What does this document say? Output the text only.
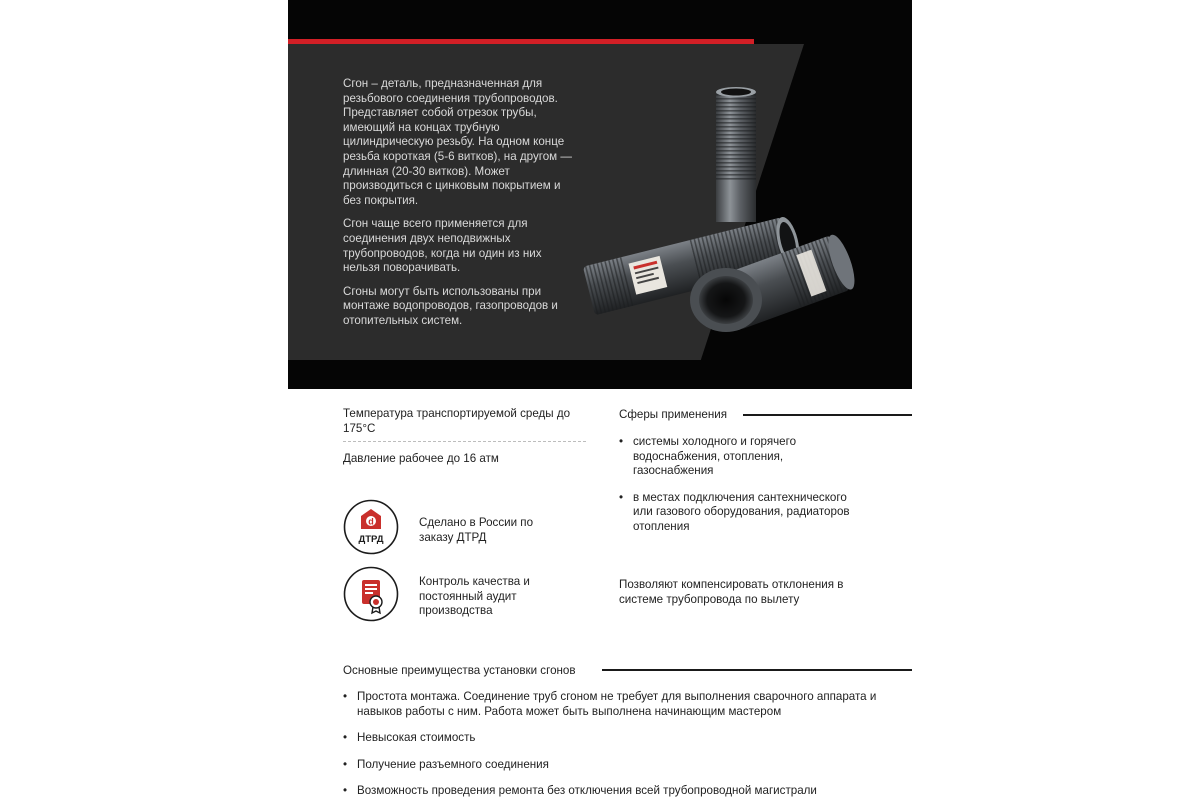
Сгон – деталь, предназначенная для резьбового соединения трубопроводов. Представляет собой отрезок трубы, имеющий на концах трубную цилиндрическую резьбу. На одном конце резьба короткая (5-6 витков), на другом — длинная (20-30 витков). Может производиться с цинковым покрытием и без покрытия.

Сгон чаще всего применяется для соединения двух неподвижных трубопроводов, когда ни один из них нельзя поворачивать.

Сгоны могут быть использованы при монтаже водопроводов, газопроводов и отопительных систем.

Температура транспортируемой среды до 175°С
Давление рабочее до 16 атм
d
ДТРД
Сделано в России по заказу ДТРД
Контроль качества и постоянный аудит производства
Сферы применения
• системы холодного и горячего водоснабжения, отопления, газоснабжения
• в местах подключения сантехнического или газового оборудования, радиаторов отопления
Позволяют компенсировать отклонения в системе трубопровода по вылету
Основные преимущества установки сгонов
• Простота монтажа. Соединение труб сгоном не требует для выполнения сварочного аппарата и навыков работы с ним. Работа может быть выполнена начинающим мастером
• Невысокая стоимость
• Получение разъемного соединения
• Возможность проведения ремонта без отключения всей трубопроводной магистрали
